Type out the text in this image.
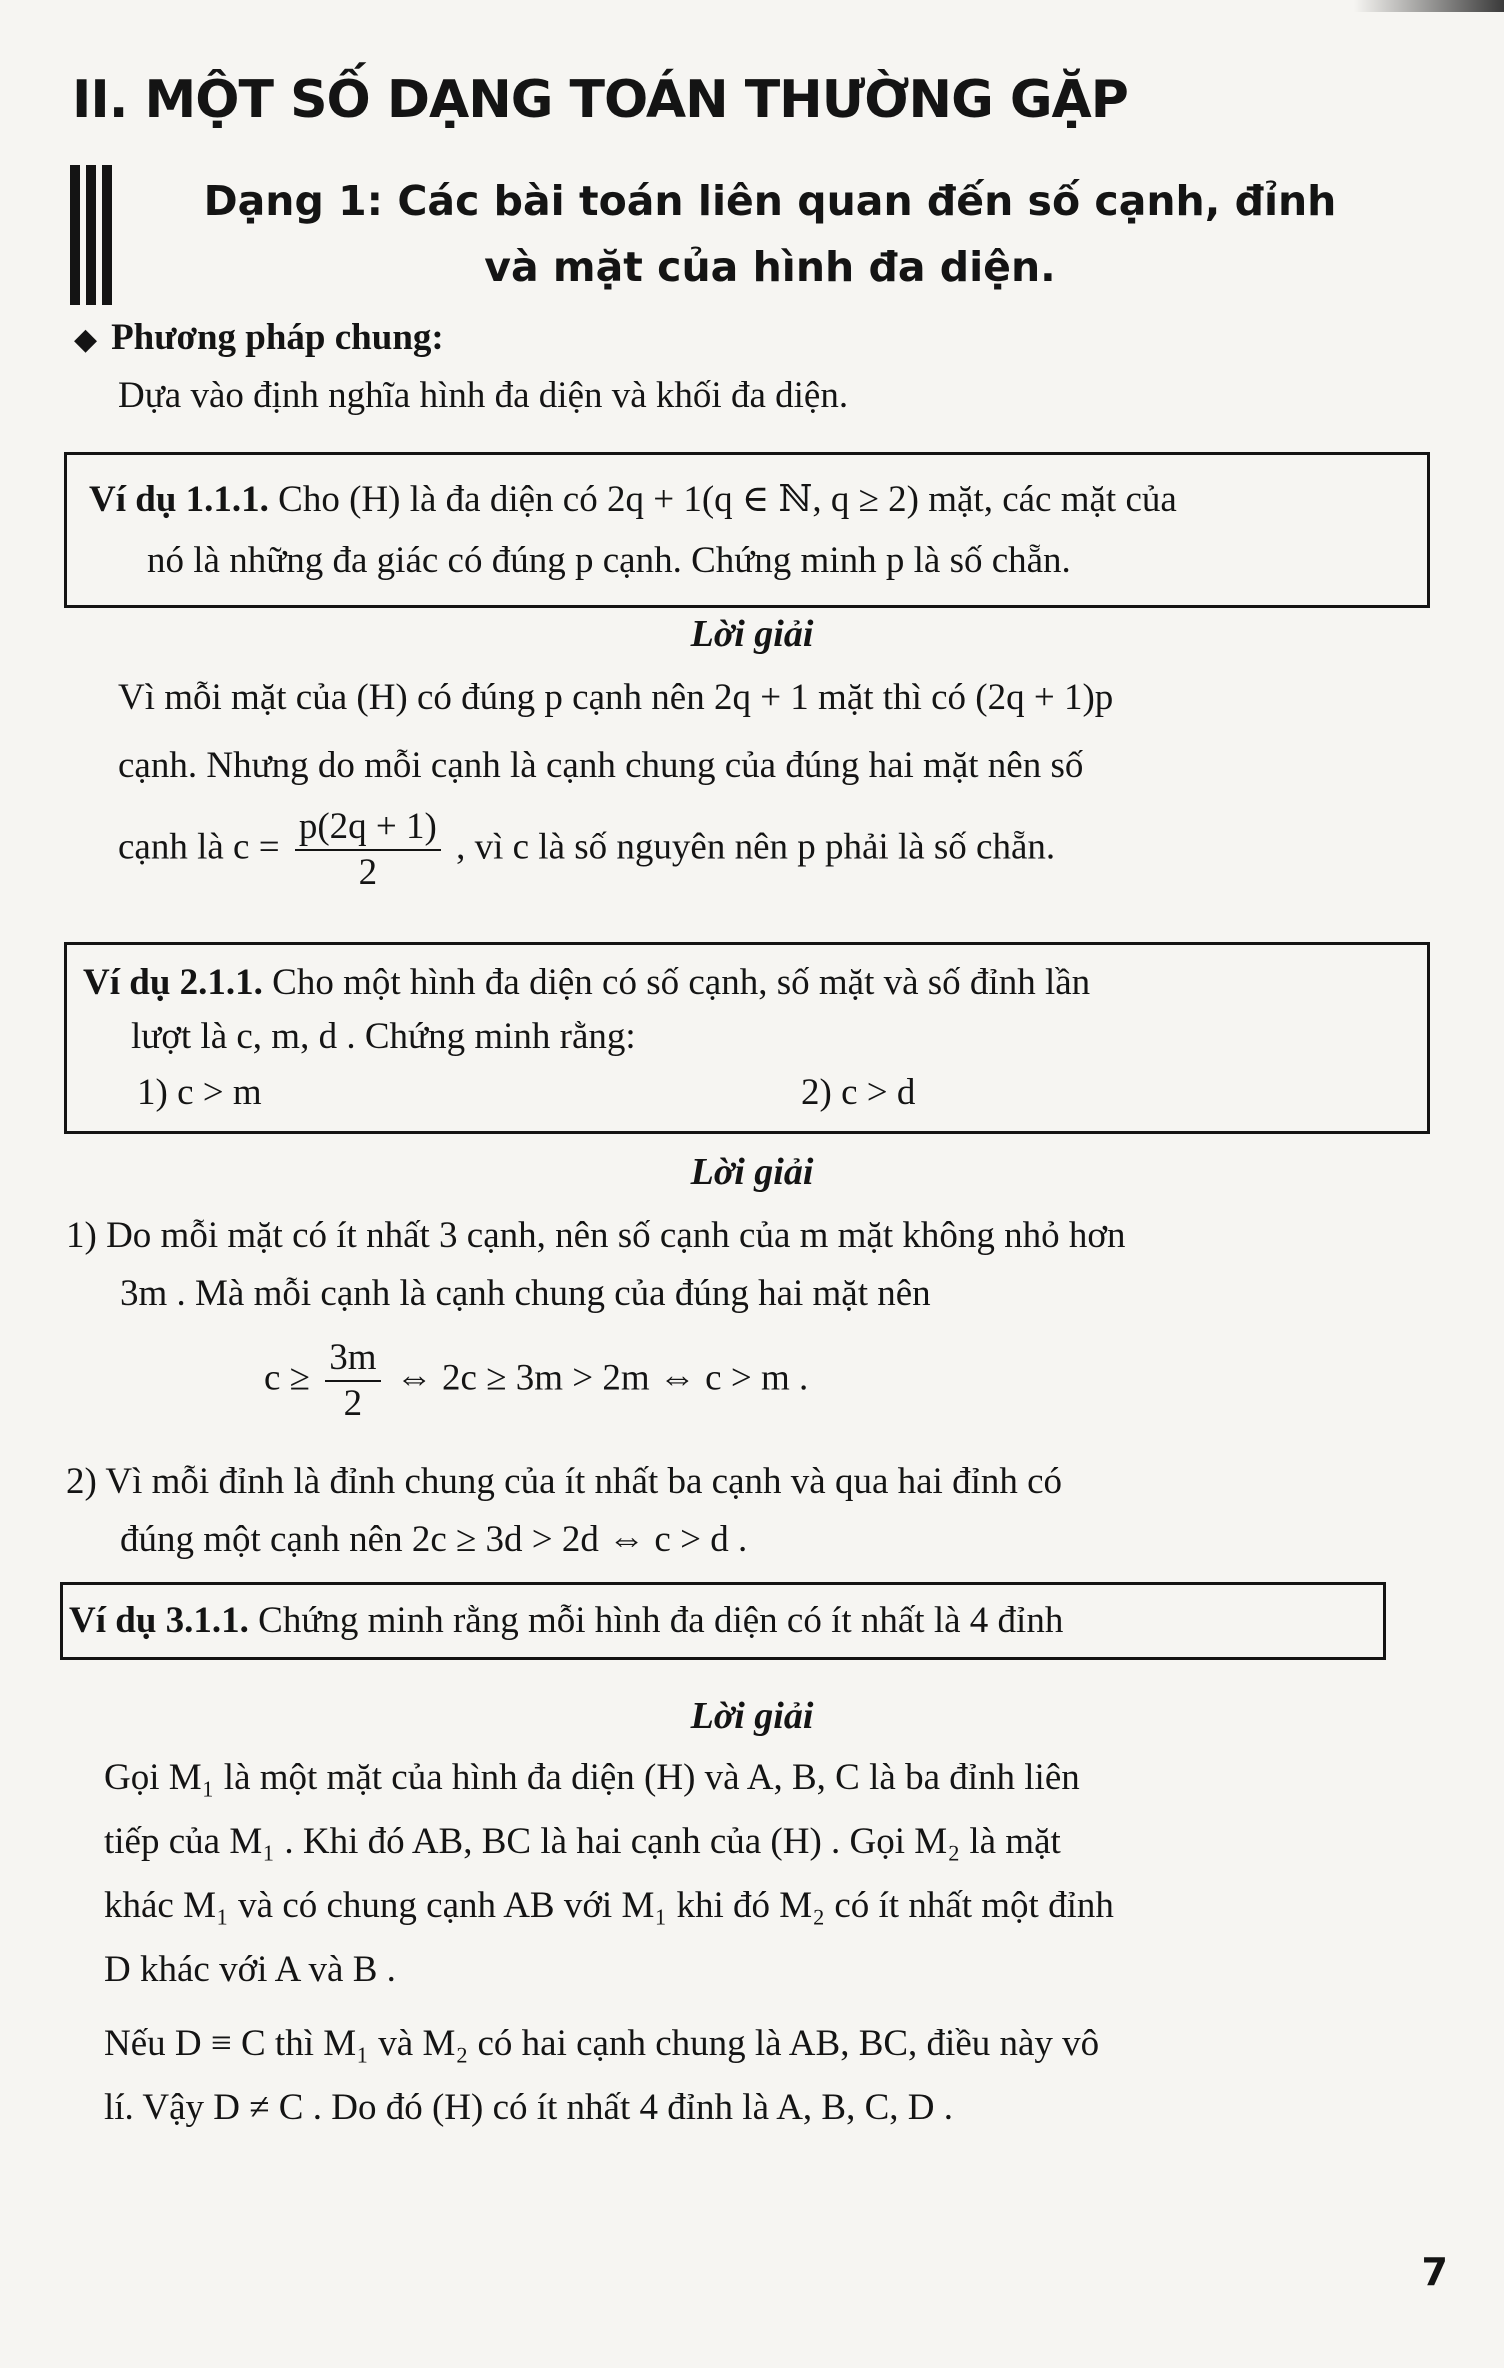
II. MỘT SỐ DẠNG TOÁN THƯỜNG GẶP
Dạng 1: Các bài toán liên quan đến số cạnh, đỉnh
và mặt của hình đa diện.
◆ Phương pháp chung:
Dựa vào định nghĩa hình đa diện và khối đa diện.
Ví dụ 1.1.1. Cho (H) là đa diện có 2q + 1(q ∈ ℕ, q ≥ 2) mặt, các mặt của
nó là những đa giác có đúng p cạnh. Chứng minh p là số chẵn.
Lời giải
Vì mỗi mặt của (H) có đúng p cạnh nên 2q + 1 mặt thì có (2q + 1)p
cạnh. Nhưng do mỗi cạnh là cạnh chung của đúng hai mặt nên số
cạnh là $c = \frac{p(2q + 1)}{2}$ , vì c là số nguyên nên p phải là số chẵn.
Ví dụ 2.1.1. Cho một hình đa diện có số cạnh, số mặt và số đỉnh lần
lượt là c, m, d . Chứng minh rằng:
1) c > m	2) c > d
Lời giải
1) Do mỗi mặt có ít nhất 3 cạnh, nên số cạnh của m mặt không nhỏ hơn
3m . Mà mỗi cạnh là cạnh chung của đúng hai mặt nên
$c \ge \frac{3m}{2}$ ⇔ 2c ≥ 3m > 2m ⇔ c > m .
2) Vì mỗi đỉnh là đỉnh chung của ít nhất ba cạnh và qua hai đỉnh có
đúng một cạnh nên 2c ≥ 3d > 2d ⇔ c > d .
Ví dụ 3.1.1. Chứng minh rằng mỗi hình đa diện có ít nhất là 4 đỉnh
Lời giải
Gọi M₁ là một mặt của hình đa diện (H) và A, B, C là ba đỉnh liên
tiếp của M₁ . Khi đó AB, BC là hai cạnh của (H) . Gọi M₂ là mặt
khác M₁ và có chung cạnh AB với M₁ khi đó M₂ có ít nhất một đỉnh
D khác với A và B .
Nếu D ≡ C thì M₁ và M₂ có hai cạnh chung là AB, BC, điều này vô
lí. Vậy D ≠ C . Do đó (H) có ít nhất 4 đỉnh là A, B, C, D .
7
